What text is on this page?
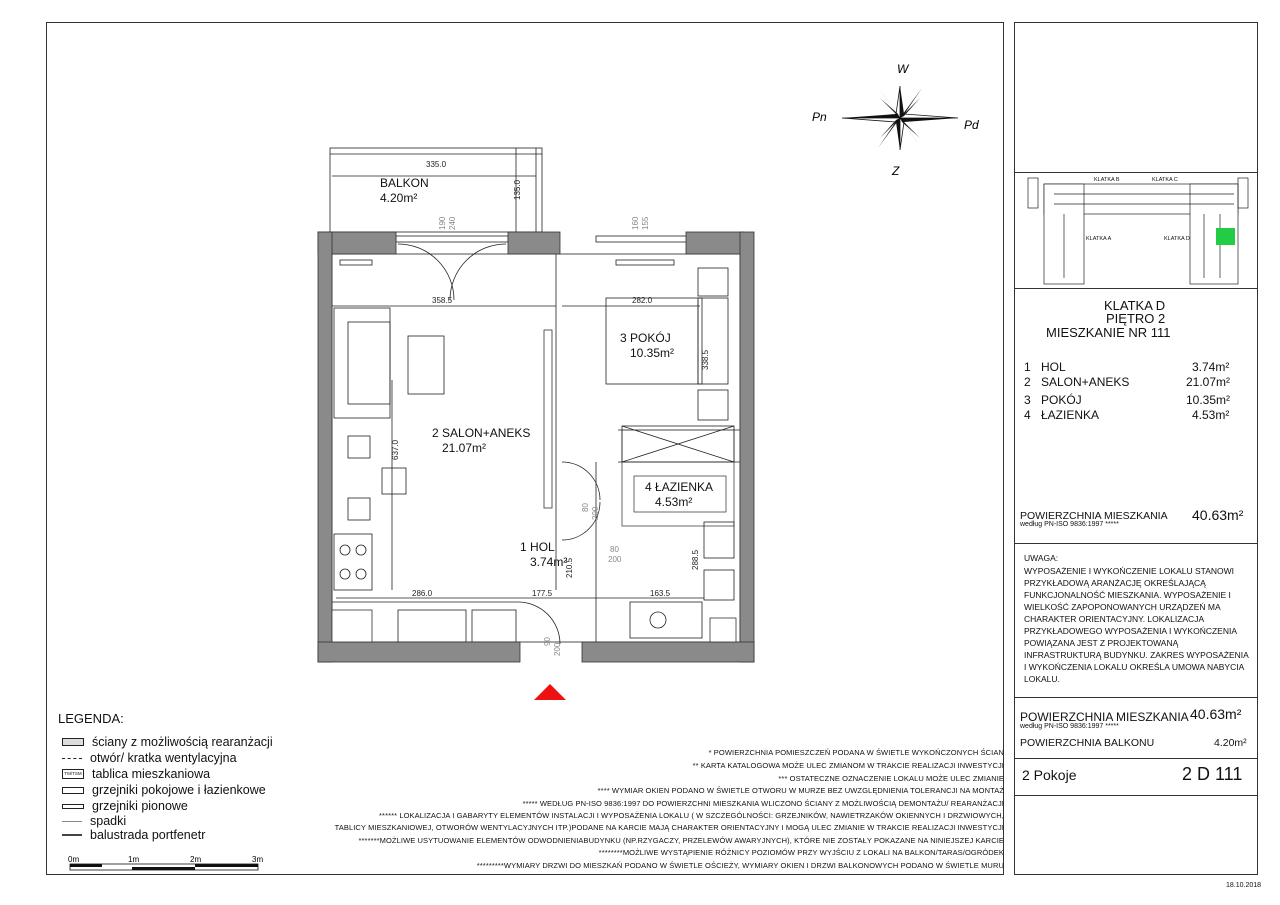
W
Z
Pn
Pd
335.0
135.0
190 240	160 155
358.5	282.0
637.0
338.5
80 200
80
200
210.5	288.5
286.0	177.5	163.5
90
200
BALKON
4.20m²
2 SALON+ANEKS
21.07m²
3 POKÓJ
10.35m²
4 ŁAZIENKA
4.53m²
1 HOL
3.74m²
KLATKA B	KLATKA C
KLATKA A	KLATKA D
KLATKA D
PIĘTRO 2
MIESZKANIE NR 111
1 HOL	3.74m²
2 SALON+ANEKS	21.07m²
3 POKÓJ	10.35m²
4 ŁAZIENKA	4.53m²
POWIERZCHNIA MIESZKANIA
według PN-ISO 9836:1997 *****
40.63m²
UWAGA:
WYPOSAŻENIE I WYKOŃCZENIE LOKALU STANOWI
PRZYKŁADOWĄ ARANŻACJĘ OKREŚLAJĄCĄ
FUNKCJONALNOŚĆ MIESZKANIA. WYPOSAŻENIE I
WIELKOŚĆ ZAPOPONOWANYCH URZĄDZEŃ MA
CHARAKTER ORIENTACYJNY. LOKALIZACJA
PRZYKŁADOWEGO WYPOSAŻENIA I WYKOŃCZENIA
POWIĄZANA JEST Z PROJEKTOWANĄ
INFRASTRUKTURĄ BUDYNKU. ZAKRES WYPOSAŻENIA
I WYKOŃCZENIA LOKALU OKREŚLA UMOWA NABYCIA
LOKALU.
POWIERZCHNIA MIESZKANIA 40.63m²
według PN-ISO 9836:1997 *****
POWIERZCHNIA BALKONU	4.20m²
2 Pokoje	2 D 111
LEGENDA:
ściany z możliwością rearanżacji
otwór/ kratka wentylacyjna
TM/TSM tablica mieszkaniowa
grzejniki pokojowe i łazienkowe
grzejniki pionowe
spadki
balustrada portfenetr
0m	1m	2m	3m
* POWIERZCHNIA POMIESZCZEŃ PODANA W ŚWIETLE WYKOŃCZONYCH ŚCIAN
** KARTA KATALOGOWA MOŻE ULEC ZMIANOM W TRAKCIE REALIZACJI INWESTYCJI
*** OSTATECZNE OZNACZENIE LOKALU MOŻE ULEC ZMIANIE
**** WYMIAR OKIEN PODANO W ŚWIETLE OTWORU W MURZE BEZ UWZGLĘDNIENIA TOLERANCJI NA MONTAŻ
***** WEDŁUG PN-ISO 9836:1997 DO POWIERZCHNI MIESZKANIA WLICZONO ŚCIANY Z MOŻLIWOŚCIĄ DEMONTAŻU/ REARANŻACJI
****** LOKALIZACJA I GABARYTY ELEMENTÓW INSTALACJI I WYPOSAŻENIA LOKALU ( W SZCZEGÓLNOŚCI: GRZEJNIKÓW, NAWIETRZAKÓW OKIENNYCH I DRZWIOWYCH,
TABLICY MIESZKANIOWEJ, OTWORÓW WENTYLACYJNYCH ITP.)PODANE NA KARCIE MAJĄ CHARAKTER ORIENTACYJNY I MOGĄ ULEC ZMIANIE W TRAKCIE REALIZACJI INWESTYCJI
*******MOŻLIWE USYTUOWANIE ELEMENTÓW ODWODNIENIABUDYNKU (NP.RZYGACZY, PRZELEWÓW AWARYJNYCH), KTÓRE NIE ZOSTAŁY POKAZANE NA NINIEJSZEJ KARCIE
********MOŻLIWE WYSTĄPIENIE RÓŻNICY POZIOMÓW PRZY WYJŚCIU Z LOKALI NA BALKON/TARAS/OGRÓDEK
*********WYMIARY DRZWI DO MIESZKAŃ PODANO W ŚWIETLE OŚCIEŻY, WYMIARY OKIEN I DRZWI BALKONOWYCH PODANO W ŚWIETLE MURU
18.10.2018
